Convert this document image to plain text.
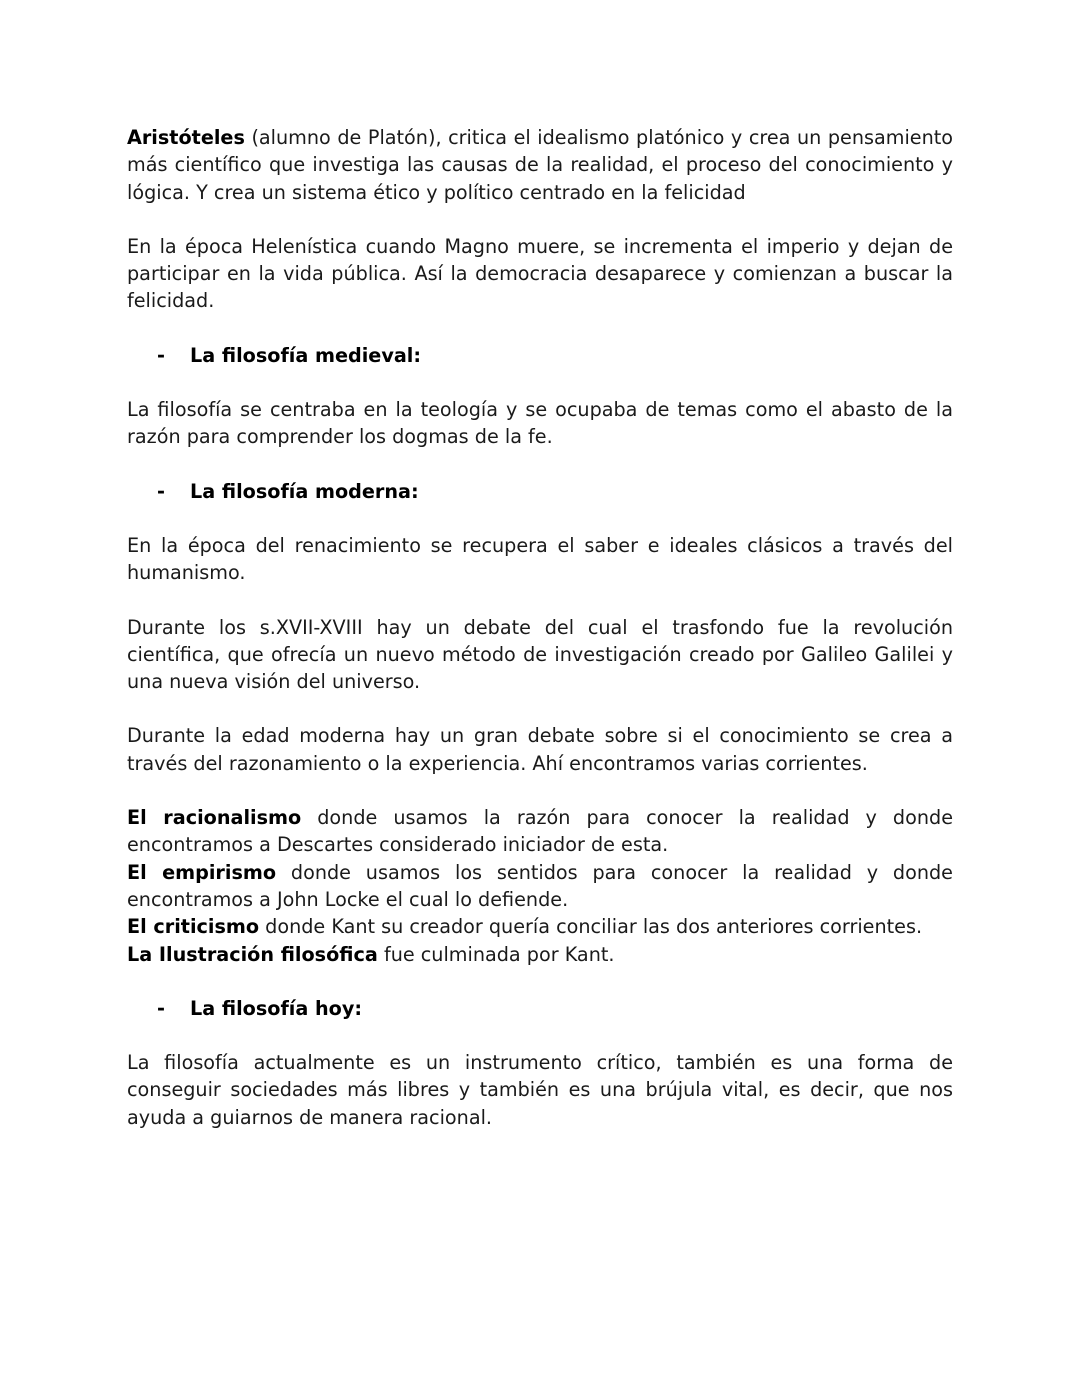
Aristóteles (alumno de Platón), critica el idealismo platónico y crea un pensamiento más científico que investiga las causas de la realidad, el proceso del conocimiento y lógica. Y crea un sistema ético y político centrado en la felicidad

En la época Helenística cuando Magno muere, se incrementa el imperio y dejan de participar en la vida pública. Así la democracia desaparece y comienzan a buscar la felicidad.

- La filosofía medieval:

La filosofía se centraba en la teología y se ocupaba de temas como el abasto de la razón para comprender los dogmas de la fe.

- La filosofía moderna:

En la época del renacimiento se recupera el saber e ideales clásicos a través del humanismo.

Durante los s.XVII-XVIII hay un debate del cual el trasfondo fue la revolución científica, que ofrecía un nuevo método de investigación creado por Galileo Galilei y una nueva visión del universo.

Durante la edad moderna hay un gran debate sobre si el conocimiento se crea a través del razonamiento o la experiencia. Ahí encontramos varias corrientes.

El racionalismo donde usamos la razón para conocer la realidad y donde encontramos a Descartes considerado iniciador de esta.

El empirismo donde usamos los sentidos para conocer la realidad y donde encontramos a John Locke el cual lo defiende.

El criticismo donde Kant su creador quería conciliar las dos anteriores corrientes.

La Ilustración filosófica fue culminada por Kant.

- La filosofía hoy:

La filosofía actualmente es un instrumento crítico, también es una forma de conseguir sociedades más libres y también es una brújula vital, es decir, que nos ayuda a guiarnos de manera racional.
